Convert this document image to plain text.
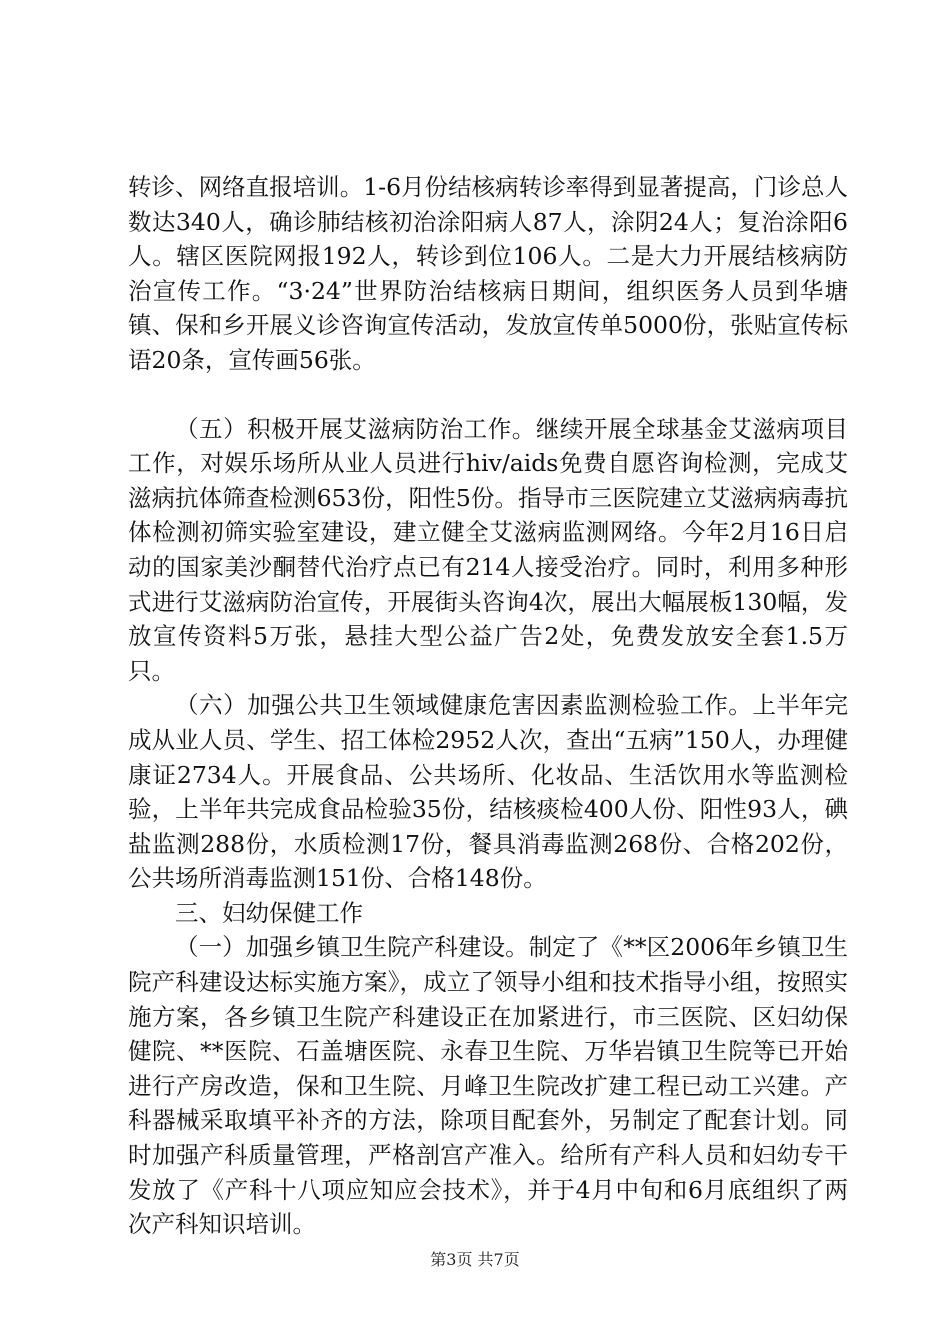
转诊、网络直报培训。1-6月份结核病转诊率得到显著提高，门诊总人数达340人，确诊肺结核初治涂阳病人87人，涂阴24人；复治涂阳6人。辖区医院网报192人，转诊到位106人。二是大力开展结核病防治宣传工作。“3·24”世界防治结核病日期间，组织医务人员到华塘镇、保和乡开展义诊咨询宣传活动，发放宣传单5000份，张贴宣传标语20条，宣传画56张。

（五）积极开展艾滋病防治工作。继续开展全球基金艾滋病项目工作，对娱乐场所从业人员进行hiv/aids免费自愿咨询检测，完成艾滋病抗体筛查检测653份，阳性5份。指导市三医院建立艾滋病病毒抗体检测初筛实验室建设，建立健全艾滋病监测网络。今年2月16日启动的国家美沙酮替代治疗点已有214人接受治疗。同时，利用多种形式进行艾滋病防治宣传，开展街头咨询4次，展出大幅展板130幅，发放宣传资料5万张，悬挂大型公益广告2处，免费发放安全套1.5万只。

（六）加强公共卫生领域健康危害因素监测检验工作。上半年完成从业人员、学生、招工体检2952人次，查出“五病”150人，办理健康证2734人。开展食品、公共场所、化妆品、生活饮用水等监测检验，上半年共完成食品检验35份，结核痰检400人份、阳性93人，碘盐监测288份，水质检测17份，餐具消毒监测268份、合格202份，公共场所消毒监测151份、合格148份。

三、妇幼保健工作

（一）加强乡镇卫生院产科建设。制定了《**区2006年乡镇卫生院产科建设达标实施方案》，成立了领导小组和技术指导小组，按照实施方案，各乡镇卫生院产科建设正在加紧进行，市三医院、区妇幼保健院、**医院、石盖塘医院、永春卫生院、万华岩镇卫生院等已开始进行产房改造，保和卫生院、月峰卫生院改扩建工程已动工兴建。产科器械采取填平补齐的方法，除项目配套外，另制定了配套计划。同时加强产科质量管理，严格剖宫产准入。给所有产科人员和妇幼专干发放了《产科十八项应知应会技术》，并于4月中旬和6月底组织了两次产科知识培训。

第3页 共7页
